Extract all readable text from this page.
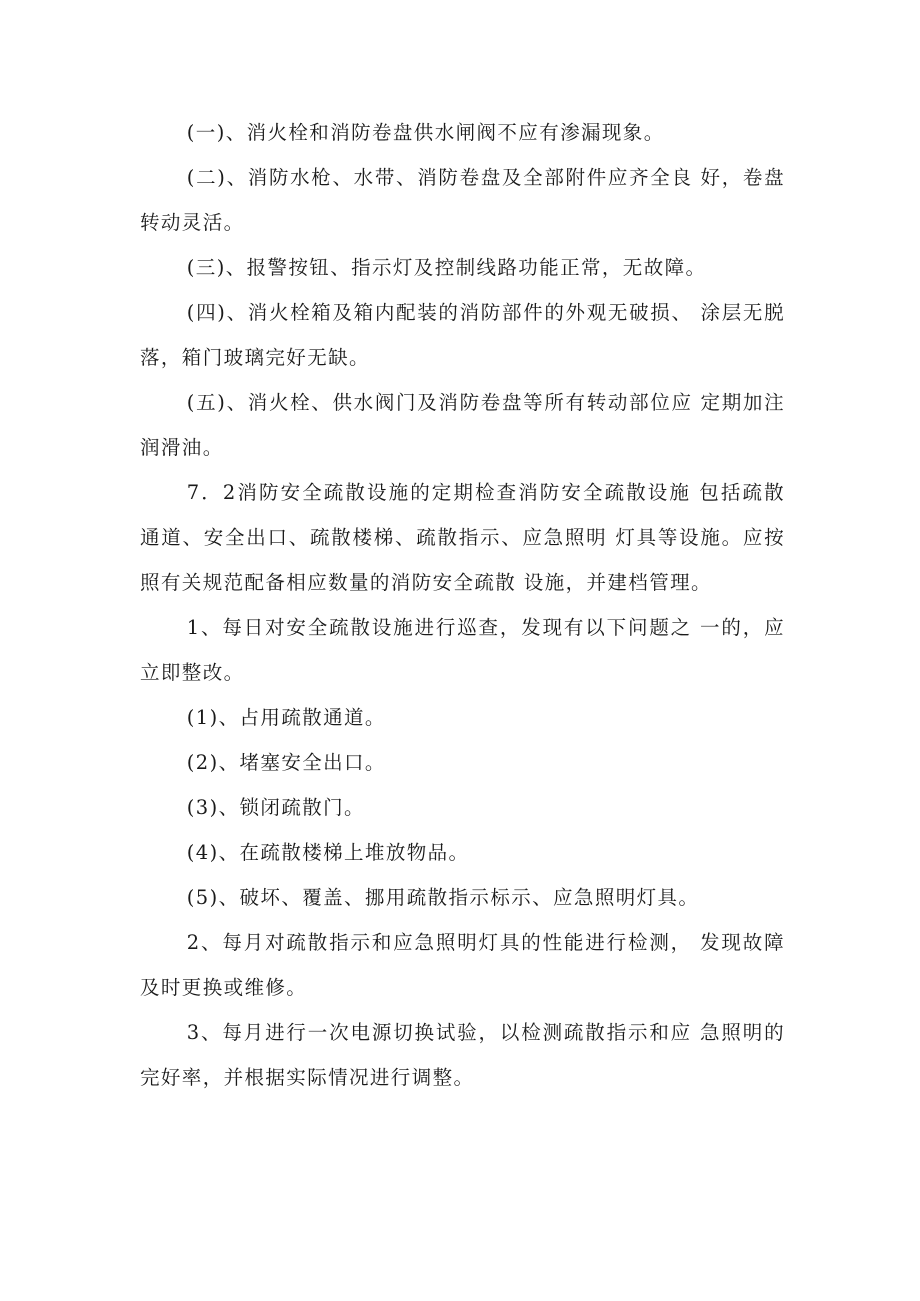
(一)、消火栓和消防卷盘供水闸阀不应有渗漏现象。

(二)、消防水枪、水带、消防卷盘及全部附件应齐全良 好，卷盘转动灵活。

(三)、报警按钮、指示灯及控制线路功能正常，无故障。

(四)、消火栓箱及箱内配装的消防部件的外观无破损、 涂层无脱落，箱门玻璃完好无缺。

(五)、消火栓、供水阀门及消防卷盘等所有转动部位应 定期加注润滑油。

7．2消防安全疏散设施的定期检查消防安全疏散设施 包括疏散通道、安全出口、疏散楼梯、疏散指示、应急照明 灯具等设施。应按照有关规范配备相应数量的消防安全疏散 设施，并建档管理。

1、每日对安全疏散设施进行巡查，发现有以下问题之 一的，应立即整改。

(1)、占用疏散通道。

(2)、堵塞安全出口。

(3)、锁闭疏散门。

(4)、在疏散楼梯上堆放物品。

(5)、破坏、覆盖、挪用疏散指示标示、应急照明灯具。

2、每月对疏散指示和应急照明灯具的性能进行检测， 发现故障及时更换或维修。

3、每月进行一次电源切换试验，以检测疏散指示和应 急照明的完好率，并根据实际情况进行调整。
